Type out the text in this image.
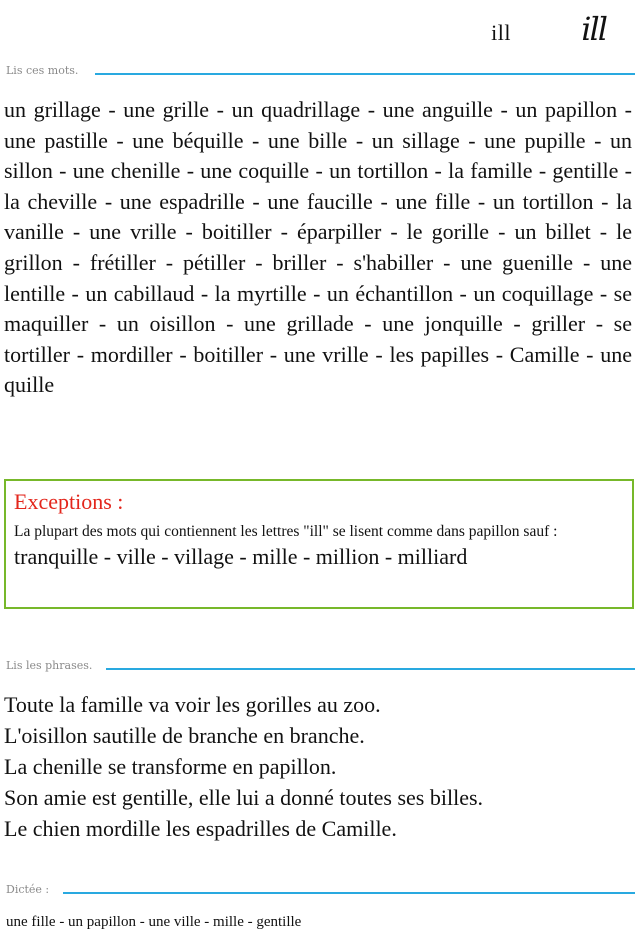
ill ill
Lis ces mots.
un grillage - une grille - un quadrillage - une anguille - un papillon - une pastille - une béquille - une bille - un sillage - une pupille - un sillon - une chenille - une coquille - un tortillon - la famille - gentille - la cheville - une espadrille - une faucille - une fille - un tortillon - la vanille - une vrille - boitiller - éparpiller - le gorille - un billet - le grillon - frétiller - pétiller - briller - s'habiller - une guenille - une lentille - un cabillaud - la myrtille - un échantillon - un coquillage - se maquiller - un oisillon - une grillade - une jonquille - griller - se tortiller - mordiller - boitiller - une vrille - les papilles - Camille - une quille
Exceptions :

La plupart des mots qui contiennent les lettres "ill" se lisent comme dans papillon sauf :

tranquille - ville - village - mille - million - milliard
Lis les phrases.
Toute la famille va voir les gorilles au zoo.
L'oisillon sautille de branche en branche.
La chenille se transforme en papillon.
Son amie est gentille, elle lui a donné toutes ses billes.
Le chien mordille les espadrilles de Camille.
Dictée :
une fille - un papillon - une ville - mille - gentille
